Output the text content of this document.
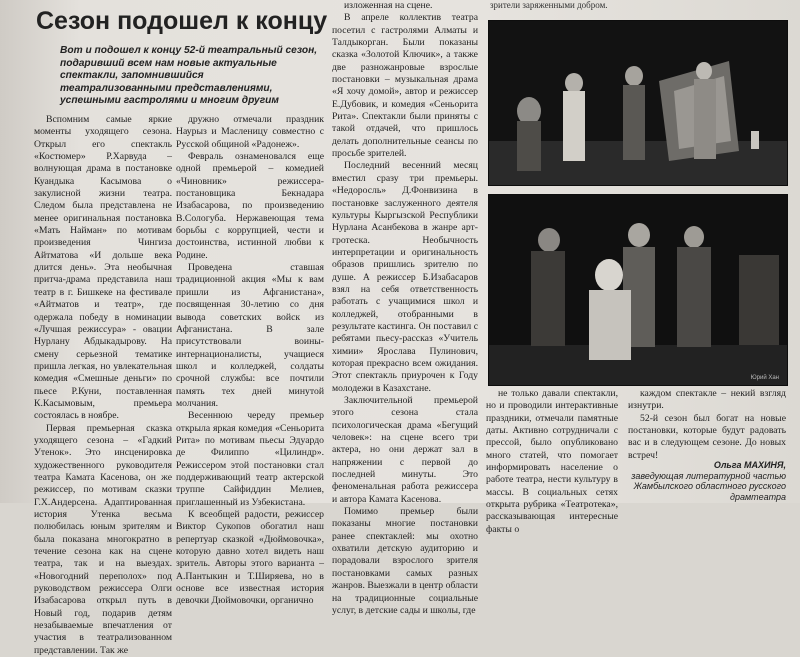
зрители заряженными добром.
Сезон подошел к концу
Вот и подошел к концу 52-й театральный сезон, подаривший всем нам новые актуальные спектакли, запомнившийся театрализованными представлениями, успешными гастролями и многим другим

Вспомним самые яркие моменты уходящего сезона. Открыл его спектакль «Костюмер» Р.Харвуда – волнующая драма в постановке Куандыка Касымова о закулисной жизни театра. Следом была представлена не менее оригинальная постановка «Мать Найман» по мотивам произведения Чингиза Айтматова «И дольше века длится день». Эта необычная притча-драма представила наш театр в г. Бишкеке на фестивале «Айтматов и театр», где одержала победу в номинации «Лучшая режиссура» - овации Нурлану Абдыкадырову. На смену серьезной тематике пришла легкая, но увлекательная комедия «Смешные деньги» по пьесе Р.Куни, поставленная К.Касымовым, премьера состоялась в ноябре.

Первая премьерная сказка уходящего сезона – «Гадкий Утенок». Это инсценировка художественного руководителя театра Камата Касенова, он же режиссер, по мотивам сказки Г.Х.Андерсена. Адаптированная история Утенка весьма полюбилась юным зрителям и была показана многократно в течение сезона как на сцене театра, так и на выездах. «Новогодний переполох» под руководством режиссера Олги Изабасарова открыл путь в Новый год, подарив детям незабываемые впечатления от участия в театрализованном представлении. Так же

дружно отмечали праздник Наурыз и Масленицу совместно с Русской общиной «Радонеж».

Февраль ознаменовался еще одной премьерой – комедией «Чиновник» режиссера-постановщика Бекнадара Изабасарова, по произведению В.Сологуба. Нержавеющая тема борьбы с коррупцией, чести и достоинства, истинной любви к Родине.

Проведена ставшая традиционной акция «Мы к вам пришли из Афганистана», посвященная 30-летию со дня вывода советских войск из Афганистана. В зале присутствовали воины-интернационалисты, учащиеся школ и колледжей, солдаты срочной службы: все почтили память тех дней минутой молчания.

Весеннюю череду премьер открыла яркая комедия «Сеньорита Рита» по мотивам пьесы Эдуардо де Филиппо «Цилиндр». Режиссером этой постановки стал поддерживающий театр актерской труппе Сайфиддин Мелиев, приглашенный из Узбекистана.

К всеобщей радости, режиссер Виктор Сукопов обогатил наш репертуар сказкой «Дюймовочка», которую давно хотел видеть наш зритель. Авторы этого варианта – А.Пантыкин и Т.Ширяева, но в основе все известная история девочки Дюймовочки, органично

изложенная на сцене.

В апреле коллектив театра посетил с гастролями Алматы и Талдыкорган. Были показаны сказка «Золотой Ключик», а также две разножанровые взрослые постановки – музыкальная драма «Я хочу домой», автор и режиссер Е.Дубовик, и комедия «Сеньорита Рита». Спектакли были приняты с такой отдачей, что пришлось делать дополнительные сеансы по просьбе зрителей.

Последний весенний месяц вместил сразу три премьеры. «Недоросль» Д.Фонвизина в постановке заслуженного деятеля культуры Кыргызской Республики Нурлана Асанбекова в жанре арт-гротеска. Необычность интерпретации и оригинальность образов пришлись зрителю по душе. А режиссер Б.Изабасаров взял на себя ответственность работать с учащимися школ и колледжей, отобранными в результате кастинга. Он поставил с ребятами пьесу-рассказ «Учитель химии» Ярослава Пулинович, которая прекрасно всем ожидания. Этот спектакль приурочен к Году молодежи в Казахстане.

Заключительной премьерой этого сезона стала психологическая драма «Бегущий человек»: на сцене всего три актера, но они держат зал в напряжении с первой до последней минуты. Это феноменальная работа режиссера и автора Камата Касенова.

Помимо премьер были показаны многие постановки ранее спектаклей: мы охотно охватили детскую аудиторию и порадовали взрослого зрителя постановками самых разных жанров. Выезжали в центр области на традиционные социальные услуг, в детские сады и школы, где

Юрий Хан

не только давали спектакли, но и проводили интерактивные праздники, отмечали памятные даты. Активно сотрудничали с прессой, было опубликовано много статей, что помогает информировать население о работе театра, нести культуру в массы. В социальных сетях открыта рубрика «Театротека», рассказывающая интересные факты о

каждом спектакле – некий взгляд изнутри.

52-й сезон был богат на новые постановки, которые будут радовать вас и в следующем сезоне. До новых встреч!

Ольга МАХИНЯ,
заведующая литературной частью Жамбылского областного русского драмтеатра
